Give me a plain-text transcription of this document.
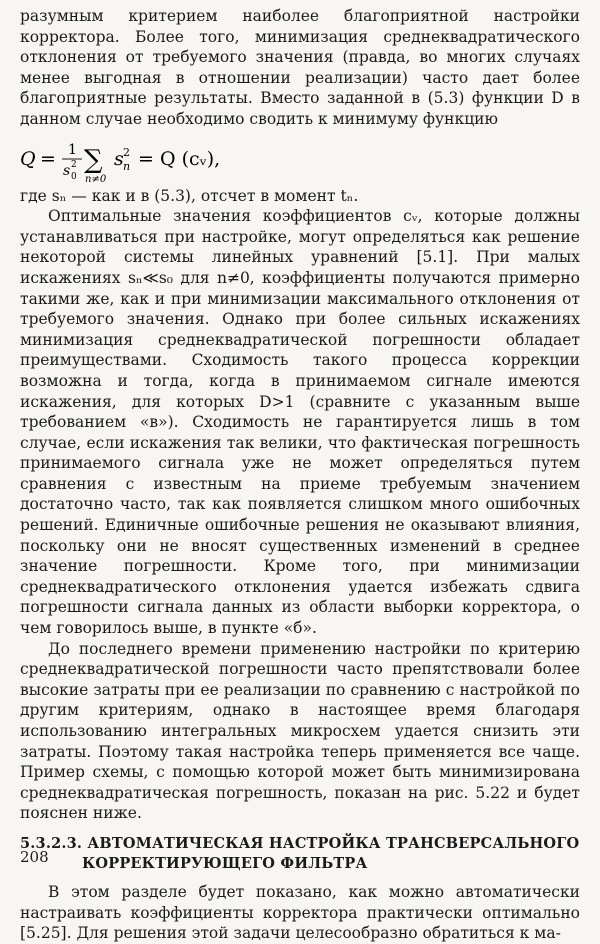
разумным критерием наиболее благоприятной настройки корректора. Более того, минимизация среднеквадратического отклонения от требуемого значения (правда, во многих случаях менее выгодная в отношении реализации) часто дает более благоприятные результаты. Вместо заданной в (5.3) функции D в данном случае необходимо сводить к минимуму функцию

Q = 1
s 0
2 ∑
n≠0
s n
2 = Q (cᵥ),

где sₙ — как и в (5.3), отсчет в момент tₙ.

Оптимальные значения коэффициентов cᵥ, которые должны устанавливаться при настройке, могут определяться как решение некоторой системы линейных уравнений [5.1]. При малых искажениях sₙ≪s₀ для n≠0, коэффициенты получаются примерно такими же, как и при минимизации максимального отклонения от требуемого значения. Однако при более сильных искажениях минимизация среднеквадратической погрешности обладает преимуществами. Сходимость такого процесса коррекции возможна и тогда, когда в принимаемом сигнале имеются искажения, для которых D>1 (сравните с указанным выше требованием «в»). Сходимость не гарантируется лишь в том случае, если искажения так велики, что фактическая погрешность принимаемого сигнала уже не может определяться путем сравнения с известным на приеме требуемым значением достаточно часто, так как появляется слишком много ошибочных решений. Единичные ошибочные решения не оказывают влияния, поскольку они не вносят существенных изменений в среднее значение погрешности. Кроме того, при минимизации среднеквадратического отклонения удается избежать сдвига погрешности сигнала данных из области выборки корректора, о чем говорилось выше, в пункте «б».

До последнего времени применению настройки по критерию среднеквадратической погрешности часто препятствовали более высокие затраты при ее реализации по сравнению с настройкой по другим критериям, однако в настоящее время благодаря использованию интегральных микросхем удается снизить эти затраты. Поэтому такая настройка теперь применяется все чаще. Пример схемы, с помощью которой может быть минимизирована среднеквадратическая погрешность, показан на рис. 5.22 и будет пояснен ниже.

5.3.2.3. АВТОМАТИЧЕСКАЯ НАСТРОЙКА ТРАНСВЕРСАЛЬНОГО
КОРРЕКТИРУЮЩЕГО ФИЛЬТРА

В этом разделе будет показано, как можно автоматически настраивать коэффициенты корректора практически оптимально [5.25]. Для решения этой задачи целесообразно обратиться к ма-

208
